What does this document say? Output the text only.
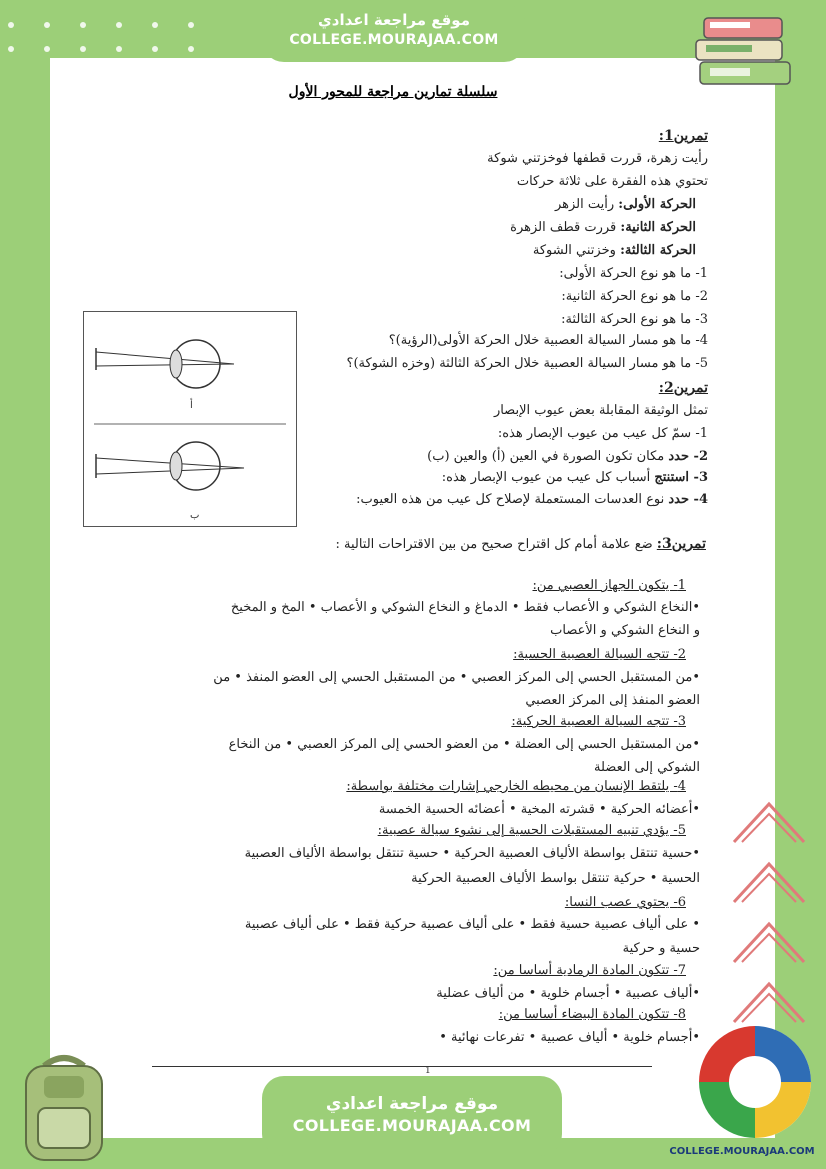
موقع مراجعة اعدادي
COLLEGE.MOURAJAA.COM
سلسلة تمارين مراجعة للمحور الأول
تمرين1:
رأيت زهرة، قررت قطفها فوخزتني شوكة
تحتوي هذه الفقرة على ثلاثة حركات
الحركة الأولى: رأيت الزهر
الحركة الثانية: قررت قطف الزهرة
الحركة الثالثة: وخزتني الشوكة
1- ما هو نوع الحركة الأولى:
2- ما هو نوع الحركة الثانية:
3- ما هو نوع الحركة الثالثة:
4- ما هو مسار السيالة العصبية خلال الحركة الأولى(الرؤية)؟
5- ما هو مسار السيالة العصبية خلال الحركة الثالثة (وخزه الشوكة)؟
أ
ب
تمرين2:
تمثل الوثيقة المقابلة بعض عيوب الإبصار
1- سمّ كل عيب من عيوب الإبصار هذه:
2- حدد مكان تكون الصورة في العين (أ) والعين (ب)
3- استنتج أسباب كل عيب من عيوب الإبصار هذه:
4- حدد نوع العدسات المستعملة لإصلاح كل عيب من هذه العيوب:
تمرين3: ضع علامة أمام كل اقتراح صحيح من بين الاقتراحات التالية :
1- يتكون الجهاز العصبي من:
•النخاع الشوكي و الأعصاب فقط • الدماغ و النخاع الشوكي و الأعصاب • المخ و المخيخ
و النخاع الشوكي و الأعصاب
2- تتجه السيالة العصبية الحسية:
•من المستقبل الحسي إلى المركز العصبي • من المستقبل الحسي إلى العضو المنفذ • من
العضو المنفذ إلى المركز العصبي
3- تتجه السيالة العصبية الحركية:
•من المستقبل الحسي إلى العضلة • من العضو الحسي إلى المركز العصبي • من النخاع
الشوكي إلى العضلة
4- يلتقط الإنسان من محيطه الخارجي إشارات مختلفة بواسطة:
•أعضائه الحركية • قشرته المخية • أعضائه الحسية الخمسة
5- يؤدي تنبيه المستقبلات الحسية إلى نشوء سيالة عصبية:
•حسية تنتقل بواسطة الألياف العصبية الحركية • حسية تنتقل بواسطة الألياف العصبية
الحسية • حركية تنتقل بواسط الألياف العصبية الحركية
6- يحتوي عصب النسا:
• على ألياف عصبية حسية فقط • على ألياف عصبية حركية فقط • على ألياف عصبية
حسية و حركية
7- تتكون المادة الرمادية أساسا من:
•ألياف عصبية • أجسام خلوية • من ألياف عضلية
8- تتكون المادة البيضاء أساسا من:
•أجسام خلوية • ألياف عصبية • تفرعات نهائية •
1
موقع مراجعة اعدادي
COLLEGE.MOURAJAA.COM
COLLEGE.MOURAJAA.COM
